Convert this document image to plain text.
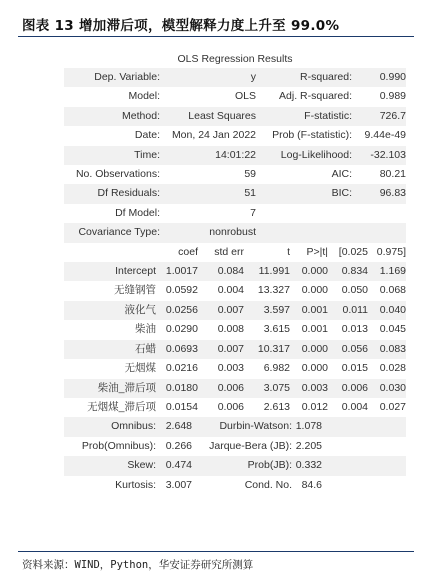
图表 13 增加滞后项，模型解释力度上升至 99.0%
OLS Regression Results
Dep. Variable:	y	R-squared:	0.990
Model:	OLS	Adj. R-squared:	0.989
Method:	Least Squares	F-statistic:	726.7
Date:	Mon, 24 Jan 2022	Prob (F-statistic):	9.44e-49
Time:	14:01:22	Log-Likelihood:	-32.103
No. Observations:	59	AIC:	80.21
Df Residuals:	51	BIC:	96.83
Df Model:	7		
Covariance Type:	nonrobust		
	coef	std err	t	P>|t|	[0.025	0.975]
Intercept	1.0017	0.084	11.991	0.000	0.834	1.169
无缝钢管	0.0592	0.004	13.327	0.000	0.050	0.068
液化气	0.0256	0.007	3.597	0.001	0.011	0.040
柴油	0.0290	0.008	3.615	0.001	0.013	0.045
石蜡	0.0693	0.007	10.317	0.000	0.056	0.083
无烟煤	0.0216	0.003	6.982	0.000	0.015	0.028
柴油_滞后项	0.0180	0.006	3.075	0.003	0.006	0.030
无烟煤_滞后项	0.0154	0.006	2.613	0.012	0.004	0.027
Omnibus:	2.648	Durbin-Watson:	1.078	
Prob(Omnibus):	0.266	Jarque-Bera (JB):	2.205	
Skew:	0.474	Prob(JB):	0.332	
Kurtosis:	3.007	Cond. No.	84.6	
资料来源：WIND，Python，华安证券研究所测算
